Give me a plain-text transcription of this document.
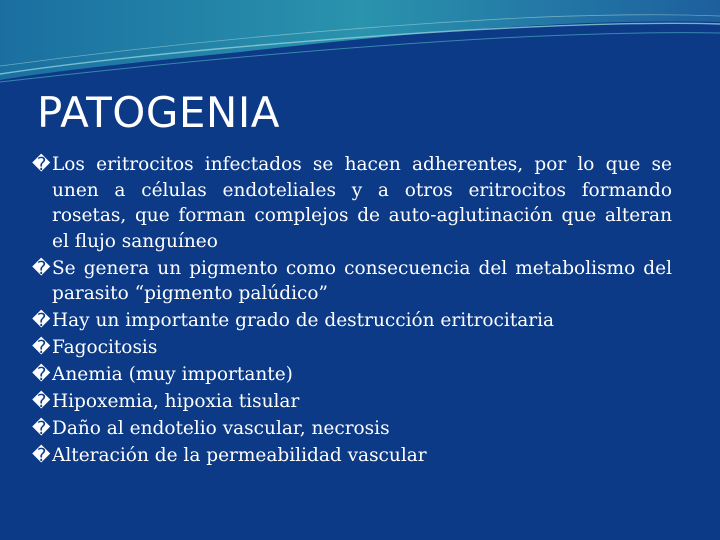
PATOGENIA

�Los eritrocitos infectados se hacen adherentes, por lo que se unen a células endoteliales y a otros eritrocitos formando rosetas, que forman complejos de auto-aglutinación que alteran el flujo sanguíneo

�Se genera un pigmento como consecuencia del metabolismo del parasito “pigmento palúdico”

�Hay un importante grado de destrucción eritrocitaria

�Fagocitosis

�Anemia (muy importante)

�Hipoxemia, hipoxia tisular

�Daño al endotelio vascular, necrosis

�Alteración de la permeabilidad vascular
